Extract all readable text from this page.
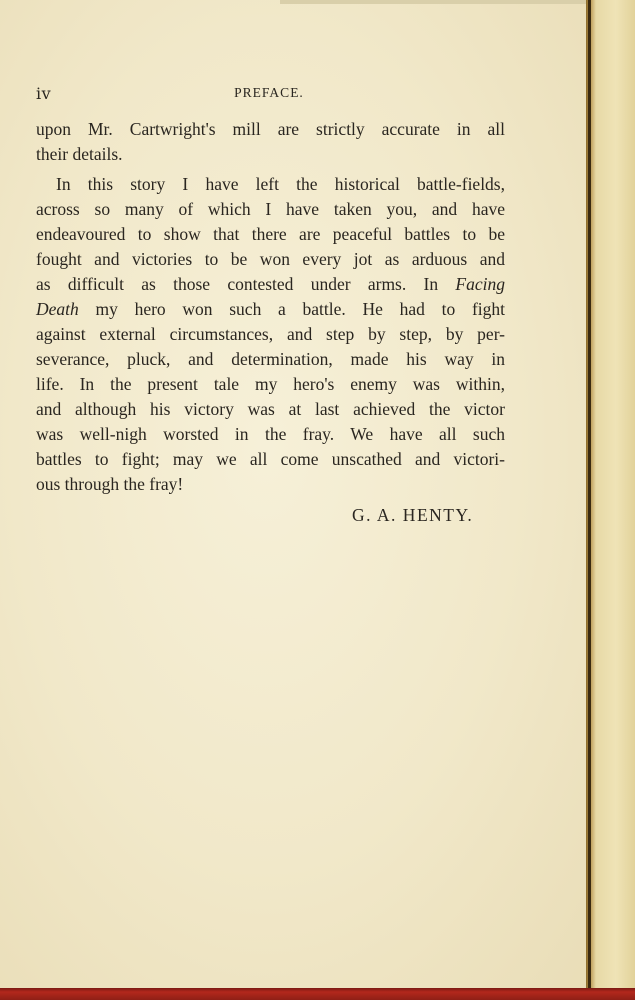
iv	PREFACE.
upon Mr. Cartwright's mill are strictly accurate in all
their details.
In this story I have left the historical battle-fields,
across so many of which I have taken you, and have
endeavoured to show that there are peaceful battles to be
fought and victories to be won every jot as arduous and
as difficult as those contested under arms. In Facing
Death my hero won such a battle. He had to fight
against external circumstances, and step by step, by per-
severance, pluck, and determination, made his way in
life. In the present tale my hero's enemy was within,
and although his victory was at last achieved the victor
was well-nigh worsted in the fray. We have all such
battles to fight; may we all come unscathed and victori-
ous through the fray!
G. A. HENTY.
